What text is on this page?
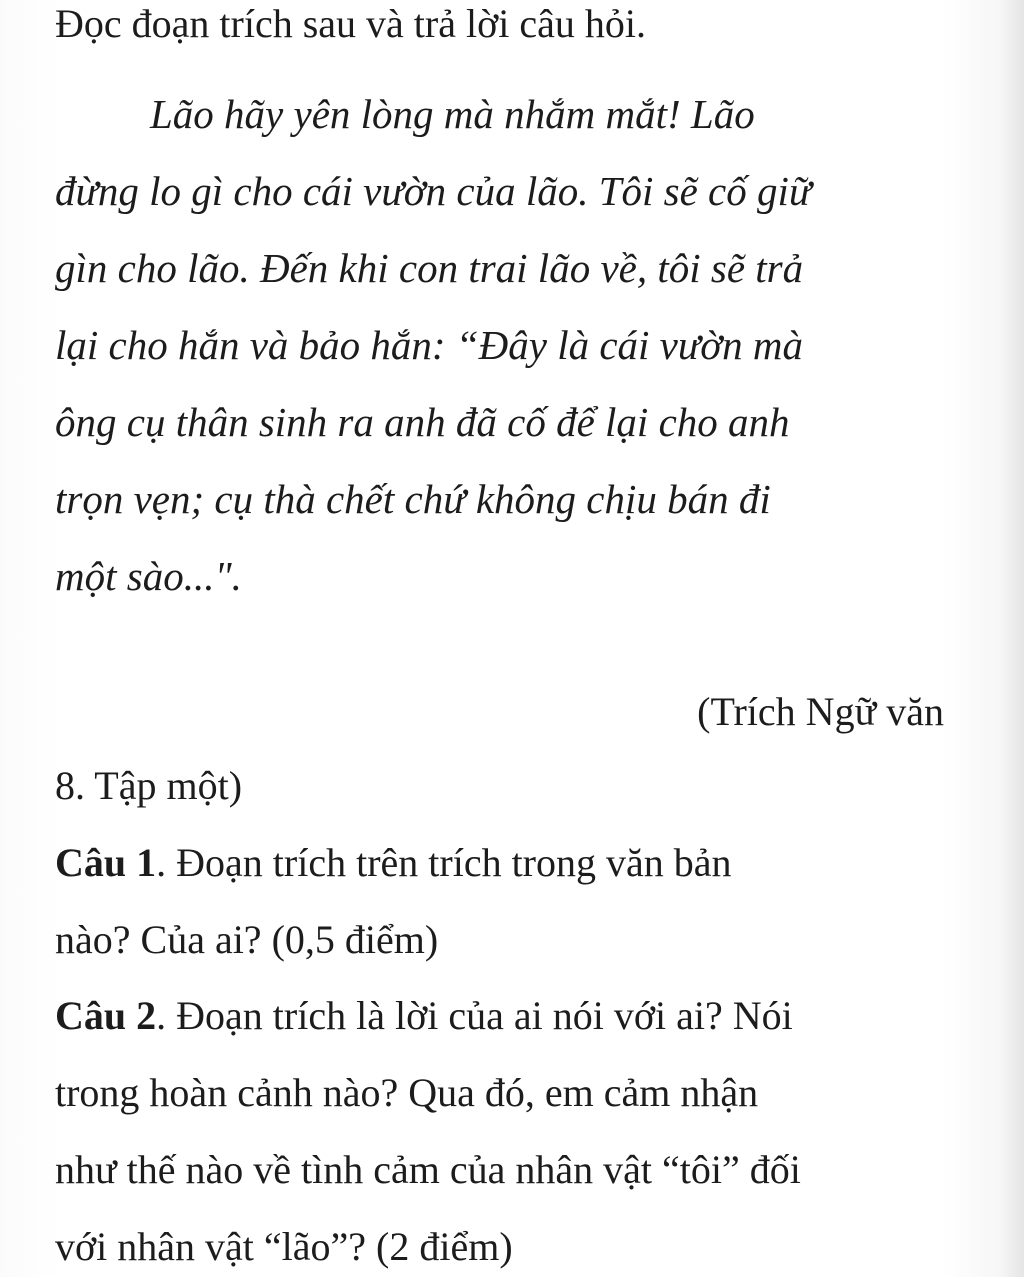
Đọc đoạn trích sau và trả lời câu hỏi.
Lão hãy yên lòng mà nhắm mắt! Lão
đừng lo gì cho cái vườn của lão. Tôi sẽ cố giữ
gìn cho lão. Đến khi con trai lão về, tôi sẽ trả
lại cho hắn và bảo hắn: “Đây là cái vườn mà
ông cụ thân sinh ra anh đã cố để lại cho anh
trọn vẹn; cụ thà chết chứ không chịu bán đi
một sào...".
(Trích Ngữ văn
8. Tập một)
Câu 1. Đoạn trích trên trích trong văn bản
nào? Của ai? (0,5 điểm)
Câu 2. Đoạn trích là lời của ai nói với ai? Nói
trong hoàn cảnh nào? Qua đó, em cảm nhận
như thế nào về tình cảm của nhân vật “tôi” đối
với nhân vật “lão”? (2 điểm)
